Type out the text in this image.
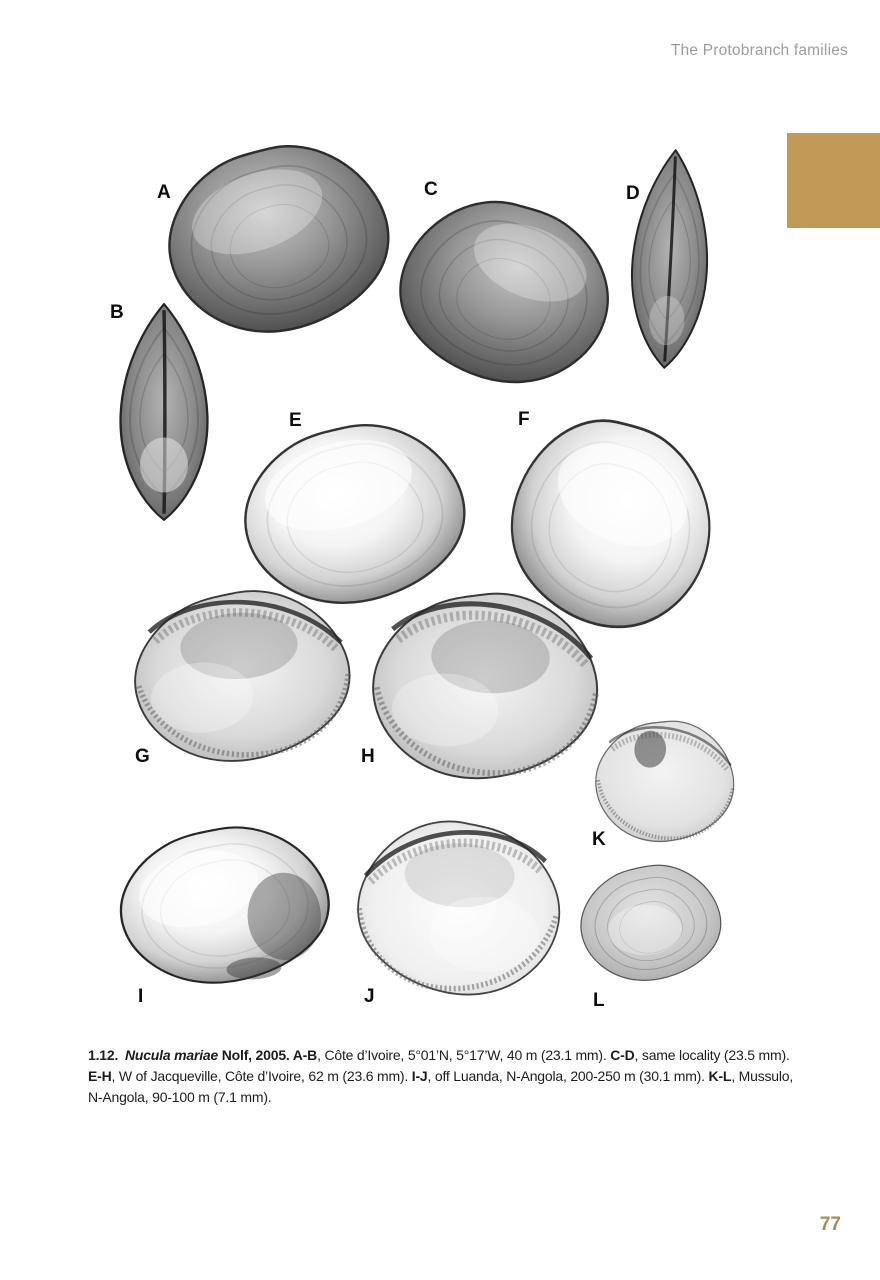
The Protobranch families
A
B
C	D
E	F
G	H
I	J
K
L

1.12. Nucula mariae Nolf, 2005. A-B, Côte d’Ivoire, 5°01’N, 5°17’W, 40 m (23.1 mm). C-D, same locality (23.5 mm). E-H, W of Jacqueville, Côte d’Ivoire, 62 m (23.6 mm). I-J, off Luanda, N-Angola, 200-250 m (30.1 mm). K-L, Mussulo, N-Angola, 90-100 m (7.1 mm).

77
